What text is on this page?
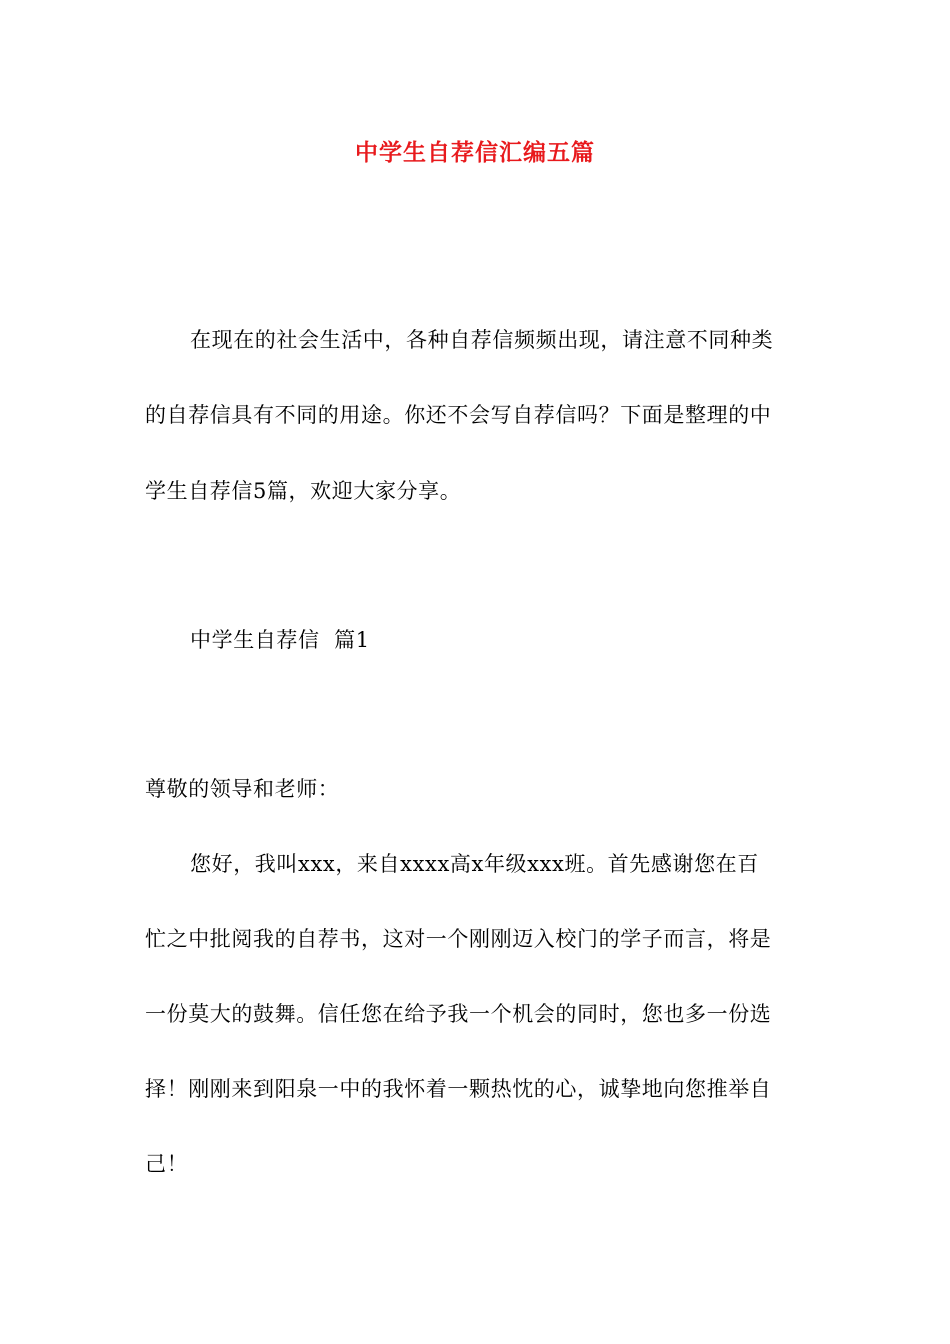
中学生自荐信汇编五篇
在现在的社会生活中，各种自荐信频频出现，请注意不同种类
的自荐信具有不同的用途。你还不会写自荐信吗？下面是整理的中
学生自荐信5篇，欢迎大家分享。
中学生自荐信  篇1
尊敬的领导和老师：
您好，我叫xxx，来自xxxx高x年级xxx班。首先感谢您在百
忙之中批阅我的自荐书，这对一个刚刚迈入校门的学子而言，将是
一份莫大的鼓舞。信任您在给予我一个机会的同时，您也多一份选
择！刚刚来到阳泉一中的我怀着一颗热忱的心，诚挚地向您推举自
己！
